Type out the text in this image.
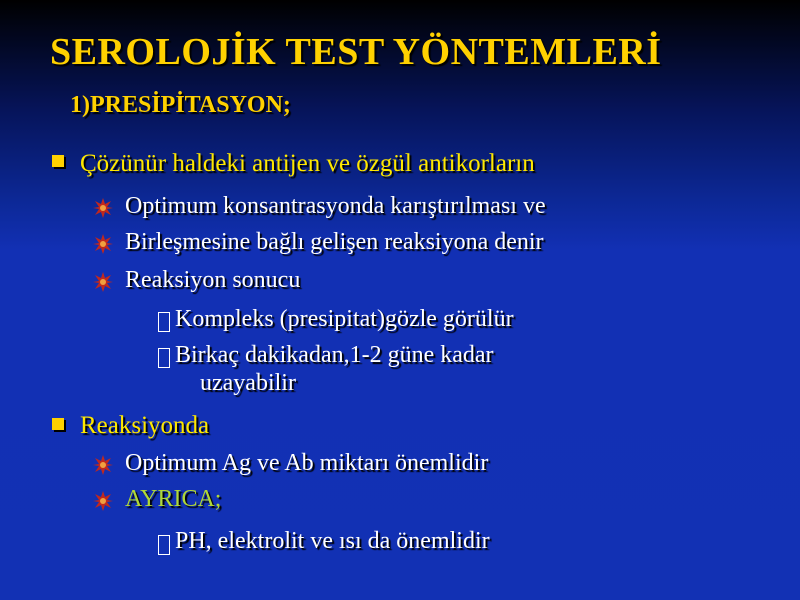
SEROLOJİK TEST YÖNTEMLERİ
1)PRESİPİTASYON;
Çözünür haldeki antijen ve özgül antikorların
Optimum konsantrasyonda karıştırılması ve
Birleşmesine bağlı gelişen reaksiyona denir
Reaksiyon sonucu
Kompleks (presipitat)gözle görülür
Birkaç dakikadan,1-2 güne kadar
uzayabilir
Reaksiyonda
Optimum Ag ve Ab miktarı önemlidir
AYRICA;
PH, elektrolit ve ısı da önemlidir
